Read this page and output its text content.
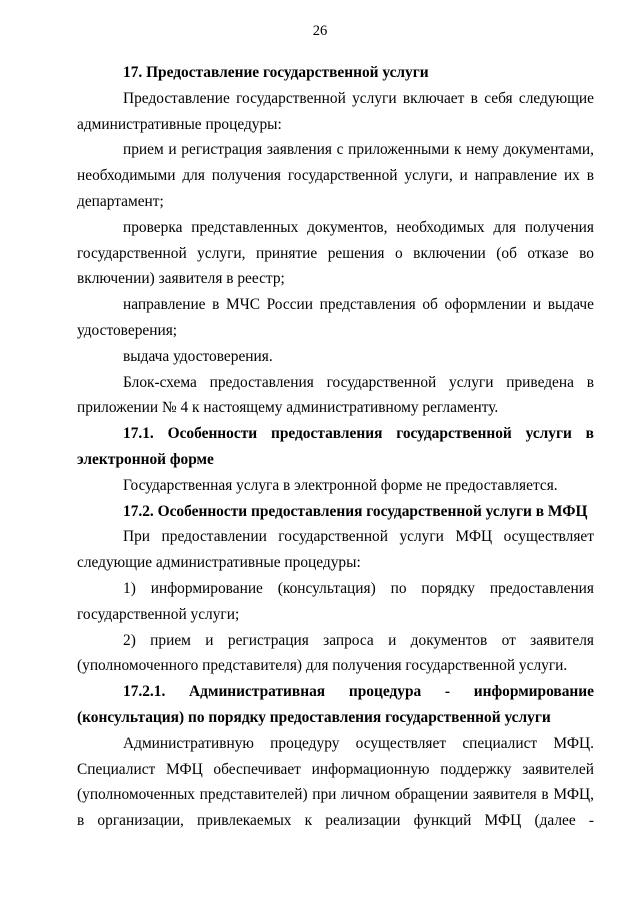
26

17. Предоставление государственной услуги

Предоставление государственной услуги включает в себя следующие административные процедуры:

прием и регистрация заявления с приложенными к нему документами, необходимыми для получения государственной услуги, и направление их в департамент;

проверка представленных документов, необходимых для получения государственной услуги, принятие решения о включении (об отказе во включении) заявителя в реестр;

направление в МЧС России представления об оформлении и выдаче удостоверения;

выдача удостоверения.

Блок-схема предоставления государственной услуги приведена в приложении № 4 к настоящему административному регламенту.

17.1. Особенности предоставления государственной услуги в электронной форме

Государственная услуга в электронной форме не предоставляется.

17.2. Особенности предоставления государственной услуги в МФЦ

При предоставлении государственной услуги МФЦ осуществляет следующие административные процедуры:

1) информирование (консультация) по порядку предоставления государственной услуги;

2) прием и регистрация запроса и документов от заявителя (уполномоченного представителя) для получения государственной услуги.

17.2.1. Административная процедура - информирование (консультация) по порядку предоставления государственной услуги

Административную процедуру осуществляет специалист МФЦ. Специалист МФЦ обеспечивает информационную поддержку заявителей (уполномоченных представителей) при личном обращении заявителя в МФЦ, в организации, привлекаемых к реализации функций МФЦ (далее -
